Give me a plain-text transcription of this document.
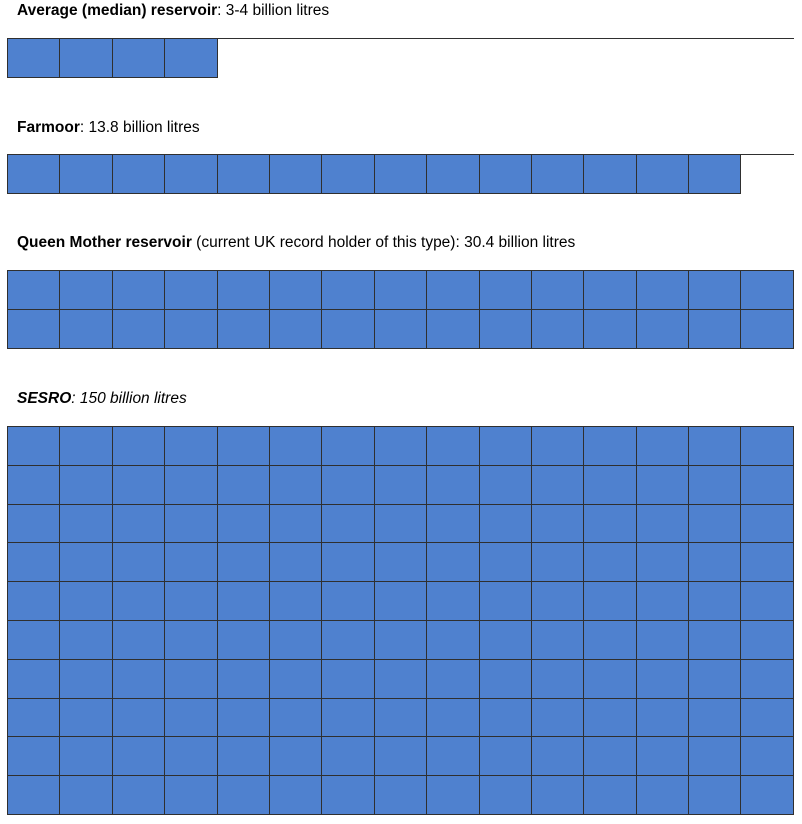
Average (median) reservoir: 3-4 billion litres
Farmoor: 13.8 billion litres
Queen Mother reservoir (current UK record holder of this type): 30.4 billion litres
SESRO: 150 billion litres
